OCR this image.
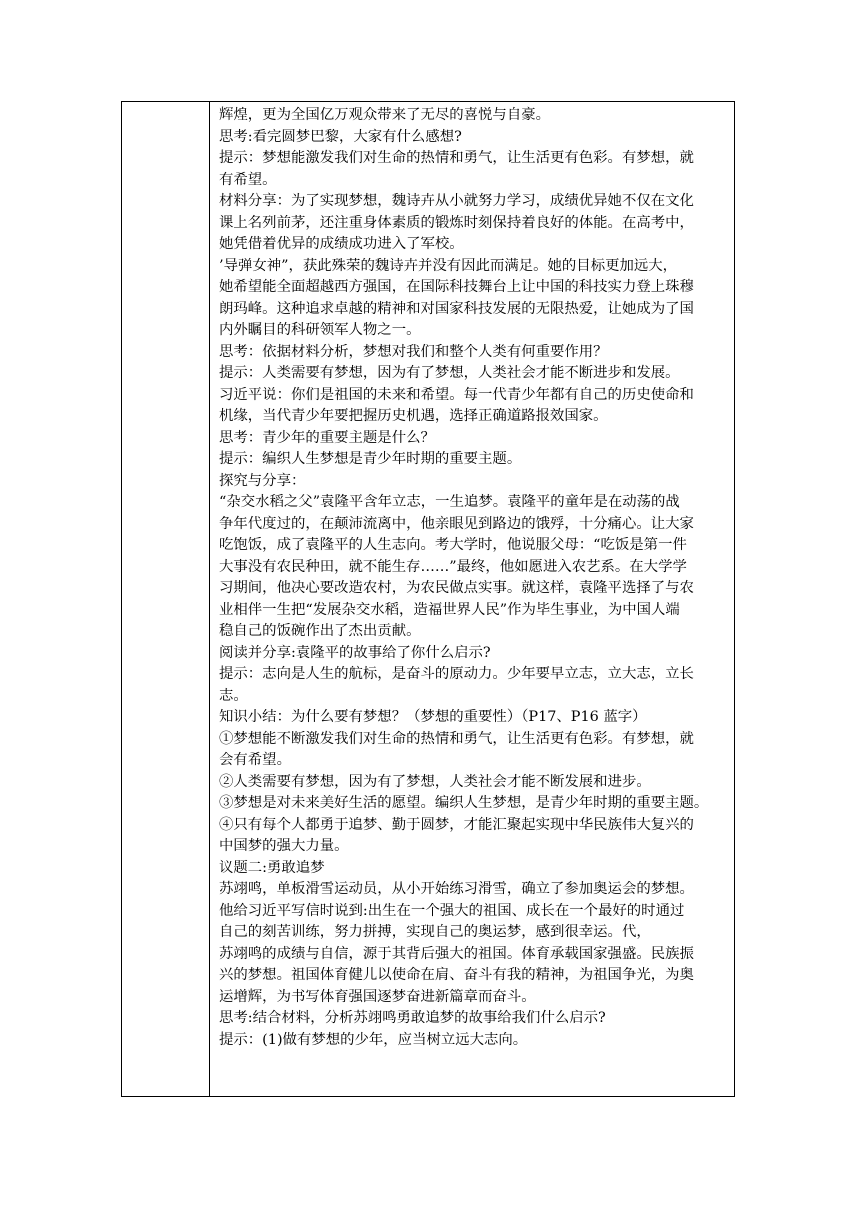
辉煌，更为全国亿万观众带来了无尽的喜悦与自豪。

思考:看完圆梦巴黎，大家有什么感想?

提示：梦想能激发我们对生命的热情和勇气，让生活更有色彩。有梦想，就

有希望。

材料分享：为了实现梦想，魏诗卉从小就努力学习，成绩优异她不仅在文化

课上名列前茅，还注重身体素质的锻炼时刻保持着良好的体能。在高考中，

她凭借着优异的成绩成功进入了军校。

’导弹女神”，获此殊荣的魏诗卉并没有因此而满足。她的目标更加远大，

她希望能全面超越西方强国，在国际科技舞台上让中国的科技实力登上珠穆

朗玛峰。这种追求卓越的精神和对国家科技发展的无限热爱，让她成为了国

内外瞩目的科研领军人物之一。

思考：依据材料分析，梦想对我们和整个人类有何重要作用？

提示：人类需要有梦想，因为有了梦想，人类社会才能不断进步和发展。

习近平说：你们是祖国的未来和希望。每一代青少年都有自己的历史使命和

机缘，当代青少年要把握历史机遇，选择正确道路报效国家。

思考：青少年的重要主题是什么？

提示：编织人生梦想是青少年时期的重要主题。

探究与分享：

“杂交水稻之父”袁隆平含年立志，一生追梦。袁隆平的童年是在动荡的战

争年代度过的，在颠沛流离中，他亲眼见到路边的饿殍，十分痛心。让大家

吃饱饭，成了袁隆平的人生志向。考大学时，他说服父母：“吃饭是第一件

大事没有农民种田，就不能生存……”最终，他如愿进入农艺系。在大学学

习期间，他决心要改造农村，为农民做点实事。就这样，袁隆平选择了与农

业相伴一生把“发展杂交水稻，造福世界人民”作为毕生事业，为中国人端

稳自己的饭碗作出了杰出贡献。

阅读并分享:袁隆平的故事给了你什么启示?

提示：志向是人生的航标，是奋斗的原动力。少年要早立志，立大志，立长

志。

知识小结：为什么要有梦想？（梦想的重要性）（P17、P16 蓝字）

①梦想能不断激发我们对生命的热情和勇气，让生活更有色彩。有梦想，就

会有希望。

②人类需要有梦想，因为有了梦想，人类社会才能不断发展和进步。

③梦想是对未来美好生活的愿望。编织人生梦想，是青少年时期的重要主题。

④只有每个人都勇于追梦、勤于圆梦，才能汇聚起实现中华民族伟大复兴的

中国梦的强大力量。

议题二:勇敢追梦

苏翊鸣，单板滑雪运动员，从小开始练习滑雪，确立了参加奥运会的梦想。

他给习近平写信时说到:出生在一个强大的祖国、成长在一个最好的时通过

自己的刻苦训练，努力拼搏，实现自己的奥运梦，感到很幸运。代，

苏翊鸣的成绩与自信，源于其背后强大的祖国。体育承载国家强盛。民族振

兴的梦想。祖国体育健儿以使命在肩、奋斗有我的精神，为祖国争光，为奥

运增辉，为书写体育强国逐梦奋进新篇章而奋斗。

思考:结合材料，分析苏翊鸣勇敢追梦的故事给我们什么启示?

提示：(1)做有梦想的少年，应当树立远大志向。
